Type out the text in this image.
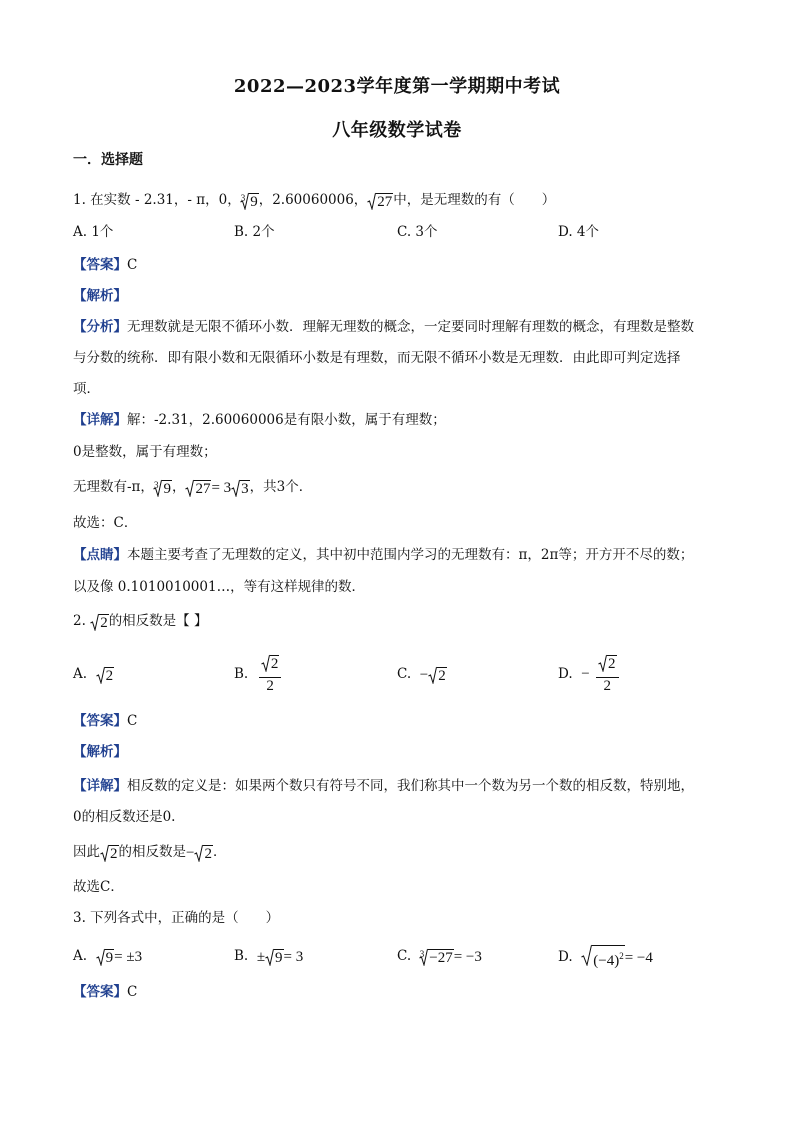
2022—2023学年度第一学期期中考试
八年级数学试卷
一．选择题
1. 在实数 - 2.31，- π，0， 3 9 ，2.60060006， 27 中，是无理数的有（　　）
A. 1个	B. 2个	C. 3个	D. 4个
【答案】C
【解析】
【分析】无理数就是无限不循环小数．理解无理数的概念，一定要同时理解有理数的概念，有理数是整数
与分数的统称．即有限小数和无限循环小数是有理数，而无限不循环小数是无理数．由此即可判定选择
项．
【详解】解：-2.31，2.60060006是有限小数，属于有理数；
0是整数，属于有理数；
无理数有-π， 3 9 ， 27 = 3 3 ，共3个．
故选：C．
【点睛】本题主要考查了无理数的定义，其中初中范围内学习的无理数有：π，2π等；开方开不尽的数；
以及像 0.1010010001…，等有这样规律的数．
2. 2 的相反数是【 】
A. 2	B. $\frac{2}{2}$	C. − 2	D. − $\frac{2}{2}$
【答案】C
【解析】
【详解】相反数的定义是：如果两个数只有符号不同，我们称其中一个数为另一个数的相反数，特别地，
0的相反数还是0.
因此 2 的相反数是 − 2 ．
故选C．
3. 下列各式中，正确的是（　　）
A. 9 = ±3	B. ± 9 = 3	C. 3 −27 = −3	D. $(-4)^2 = -4$
【答案】C
